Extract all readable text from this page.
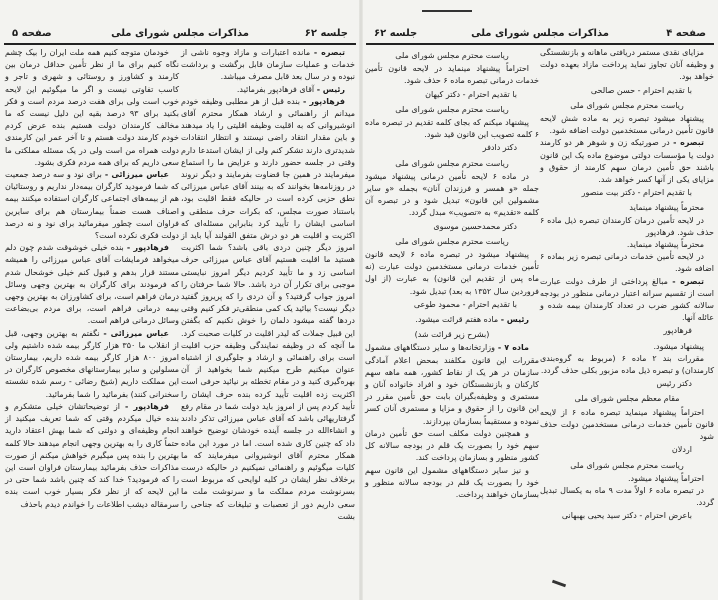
جلسه ۶۲
مذاکرات مجلس شورای ملی
صفحه ۵
تبصره - مانده اعتبارات و مازاد وجوه ناشی از خدمات و عملیات سازمان قابل برگشت و برداشت نبوده و در سال بعد قابل مصرف میباشد.
رئیس - آقای فرهادپور بفرمائید.
فرهادپور - بنده قبل از هر مطلبی وظیفه خودم میدانم از راهنمائی و ارشاد همکار محترم آقای انوشیروانی که به اقلیت وظیفه اقلیتی را یاد میدهند و باین مقدار انتقاد راضی نیستند و انتظار انتقادات شدیدتری دارند تشکر کنم ولی از ایشان استدعا دارم وقتی در جلسه حضور دارند و عرایض ما را استماع میفرمایند در همین جا قضاوت بفرمایند و دیگر نروند در روزنامه‌ها بخوانند که به بینند آقای عباس میرزائی نطق حزبی کرده است در حالیکه فقط اقلیت بود، باستناد صورت مجلس، که بکرات حرف منطقی و اساسی ایشان را تأیید کرد بنابراین مسئله‌ای که اکثریت و اقلیت هر دو درش متفق القولند آیا باید از امروز دیگر چنین دردی باقی باشد؟ شما اکثریت هستید ما اقلیت هستیم آقای عباس میرزائی حرف اساسی زد و ما تأیید کردیم دیگر امروز نبایستی موجبی برای تکرار آن درد باشد. حالا شما حرفتان را امروز جواب گرفتید؟ و آن دردی را که پریروز گفتید دیگر نیست؟ بیائید یک کمی منطقی‌تر فکر کنیم وقتی دردها گفته میشود دلمان را خوش نکنیم که بگفتن این قبیل جملات که لیدر اقلیت در کلیات صحبت کرد. ما آنچه که در وظیفه نمایندگی وظیفه حزب اقلیت است برای راهنمائی و ارشاد و جلوگیری از اشتباه عنوان میکنیم طرح میکنیم شما بخواهید از آن بهره‌گیری کنید و در مقام تخطئه بر نیائید حرفی است اکثریت زده اقلیت تأیید کرده بنده حرف ایشان را تأیید کردم پس از امروز باید دولت شما در مقام رفع گرفتاریهائی باشد که آقای عباس میرزائی تذکر دادند و انشاءالله در جلسه آینده خودشان توضیح خواهند داد که چنین کاری شده است. اما در مورد این ماده همکار محترم آقای انوشیروانی میفرمایند که ما کلیات میگوئیم و راهنمائی نمیکنیم در حالیکه درست برخلاف نظر ایشان در کلیه لوایحی که مربوط است بسرنوشت مردم مملکت ما و سرنوشت ملت ما سعی داریم دور از تعصبات و تبلیغات که جناحی را بشت
خودمان متوجه کنیم همه ملت ایران را بیک چشم نگاه کنیم برای ما از نظر تأمین حداقل درمان بین کارمند و کشاورز و روستائی و شهری و تاجر و کاسب تفاوتی نیست و اگر ما میگوئیم این لایحه خوب است ولی برای هفت درصد مردم است و فکر بکنید برای ۹۳ درصد بقیه این دلیل نیست که ما مخالف کارمندان دولت هستیم بنده عرض کردم خودم کارمند دولت هستم و تا آخر عمر این کارمندی دولت همراه من است ولی در یک مسئله مملکتی ما سعی داریم که برای همه مردم فکری بشود.
عباس میرزائی - برای نود و سه درصد جمعیت که شما فرمودید کارگران بیمه‌دار نداریم و روستائیان هم از بیمه‌های اجتماعی کارگران استفاده میکنند بیمه اصناف هست ضمناً بیمارستان هم برای سایرین فراوان است چطور میفرمائید برای نود و نه درصد دولت فکری نکرده است؟
فرهادپور - بنده خیلی خوشوقت شدم چون دلم میخواهد فرمایشات آقای عباس میرزائی را همیشه مستند قرار بدهم و قبول کنم خیلی خوشحال شدم که فرمودند برای کارگران به بهترین وجهی وسائل درمان فراهم است، برای کشاورزان به بهترین وجهی بیمه درمانی فراهم است، برای مردم بی‌بضاعت وسائل درمانی فراهم است.
عباس میرزائی - نگفتم به بهترین وجهی، قبل از انقلاب ما ۳۵۰ هزار کارگر بیمه شده داشتیم ولی امروز ۸۰۰ هزار کارگر بیمه شده داریم، بیمارستان مسلولین و سایر بیمارستانهای مخصوص کارگران در این مملکت داریم (شیخ رضائی - رسم شده نشسته سخنرانی کنند) بفرمائید را شما بفرمائید.
فرهادپور - از توضیحاتشان خیلی متشکرم و بنده خیال میکردم وقتی که شما تعریف میکنید از انجام وظیفه‌ای و دولتی که شما بهش اعتقاد دارید حتماً کاری را به بهترین وجهی انجام میدهند حالا کلمه بهترین را بنده پس میگیرم خواهش میکنم از صورت مذاکرات حذف بفرمائید بیمارستان فراوان است این را که فرمودید؟ خدا کند که چنین باشد شما حتی در این لایحه که از نظر فکر بسیار خوب است بنده سرمقاله دیشب اطلاعات را خواندم دیدم باحذف
صفحه ۴
مذاکرات مجلس شورای ملی
جلسه ۶۲
مزایای نقدی مستمر دریافتی ماهانه و بازنشستگی و وظیفه آنان تجاوز نماید پرداخت مازاد بعهده دولت خواهد بود.
با تقدیم احترام - حسن صالحی
ریاست محترم مجلس شورای ملی
پیشنهاد میشود تبصره زیر به ماده شش لایحه قانون تأمین درمانی مستخدمین دولت اضافه شود.
تبصره - در صورتیکه زن و شوهر هر دو کارمند دولت یا مؤسسات دولتی موضوع ماده یک این قانون باشند حق تأمین درمان سهم کارمند از حقوق و مزایای یکی از آنها کسر خواهد شد.
با تقدیم احترام - دکتر بیت منصور
محترماً پیشنهاد مینماید
در لایحه تأمین درمان کارمندان تبصره ذیل ماده ۶ حذف شود. فرهادپور
محترماً پیشنهاد مینماید.
در لایحه تأمین خدمات درمانی تبصره زیر بماده ۶ اضافه شود.
تبصره - مبالغ پرداختی از طرف دولت عبارت است از تقسیم سرانه اعتبار درمانی منظور در بودجه سالانه کشور ضرب در تعداد کارمندان بیمه شده و عائله آنها.
فرهادپور
پیشنهاد میشود.
مقررات بند ۲ ماده ۶ (مربوط به گروه‌بندی کارمندان) و تبصره ذیل ماده مزبور بکلی حذف گردد.
دکتر رئیس
مقام معظم مجلس شورای ملی
احتراماً پیشنهاد مینماید تبصره ماده ۶ از لایحه قانون تأمین خدمات درمانی مستخدمین دولت حذف شود
اردلان
ریاست محترم مجلس شورای ملی
احتراماً پیشنهاد میشود.
در تبصره ماده ۶ اولاً مدت ۹ ماه به یکسال تبدیل گردد.
باعرض احترام - دکتر سید یحیی بهبهانی
ریاست محترم مجلس شورای ملی
احتراماً پیشنهاد مینماید در لایحه قانون تأمین خدمات درمانی تبصره ماده ۶ حذف شود.
با تقدیم احترام - دکتر کیهان
ریاست محترم مجلس شورای ملی
پیشنهاد میکنم که بجای کلمه تقدیم در تبصره ماده ۶ کلمه تصویب این قانون قید شود.
دکتر دادفر
ریاست محترم مجلس شورای ملی
در ماده ۶ لایحه تأمین درمانی پیشنهاد میشود جمله «و همسر و فرزندان آنان» بجمله «و سایر مشمولین این قانون» تبدیل شود و در تبصره آن کلمه «تقدیم» به «تصویب» مبدل گردد.
دکتر محمدحسین موسوی
ریاست محترم مجلس شورای ملی
پیشنهاد میشود در تبصره ماده ۶ لایحه قانون تأمین خدمات درمانی مستخدمین دولت عبارت (نه ماه پس از تقدیم این قانون) به عبارت (از اول فروردین سال ۱۳۵۲ به بعد) تبدیل شود.
با تقدیم احترام - محمود طوعی
رئیس - ماده هفتم قرائت میشود.
(بشرح زیر قرائت شد)
ماده ۷ - وزارتخانه‌ها و سایر دستگاههای مشمول مقررات این قانون مکلفند بمحض اعلام آمادگی سازمان در هر یک از نقاط کشور، همه ماهه سهم کارکنان و بازنشستگان خود و افراد خانواده آنان و مستمری و وظیفه‌بگیران بابت حق تأمین مقرر در این قانون را از حقوق و مزایا و مستمری آنان کسر نموده و مستقیماً بسازمان بپردازند.
و همچنین دولت مکلف است حق تأمین درمان سهم خود را بصورت یک قلم در بودجه سالانه کل کشور منظور و بسازمان پرداخت کند.
و نیز سایر دستگاههای مشمول این قانون سهم خود را بصورت یک قلم در بودجه سالانه منظور و بسازمان خواهند پرداخت.
